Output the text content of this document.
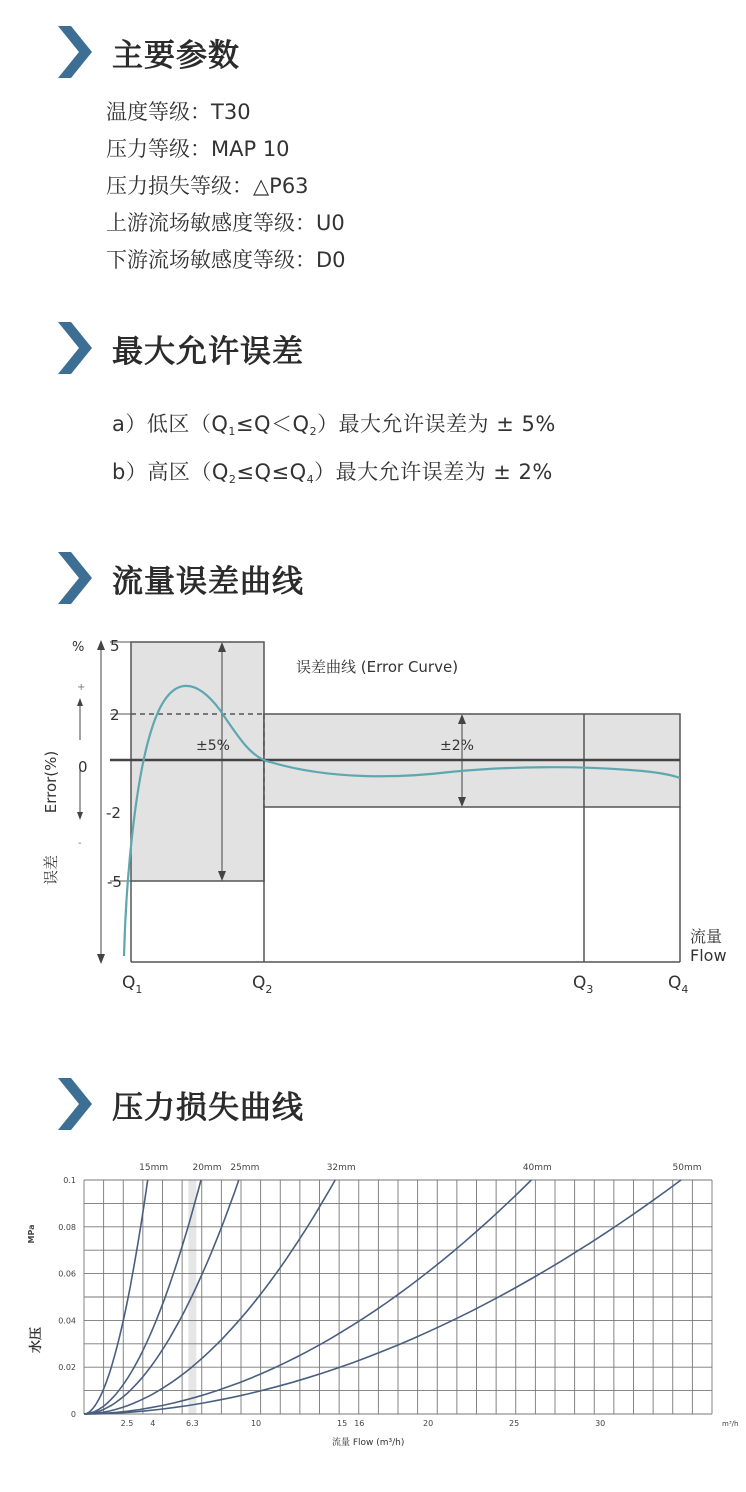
主要参数
温度等级：T30
压力等级：MAP 10
压力损失等级：△P63
上游流场敏感度等级：U0
下游流场敏感度等级：D0
最大允许误差
a）低区$(Q_1\le Q<Q_2)$最大允许误差为 ± 5%
b）高区$(Q_2\le Q\le Q_4)$最大允许误差为 ± 2%
流量误差曲线
误差曲线 (Error Curve)
%
+
-
5
2
0
-2
-5
Error(%)
误差
±5%	±2%
流量
Flow
$Q_1$	$Q_2$	$Q_3$	$Q_4$
压力损失曲线
2.5 4	6.3	10	15 16	20	25	30
0
0.02
0.04
0.06
0.08
0.1
15mm	20mm 25mm	32mm	40mm	50mm
MPa
水压
m³/h
流量 Flow (m³/h)
